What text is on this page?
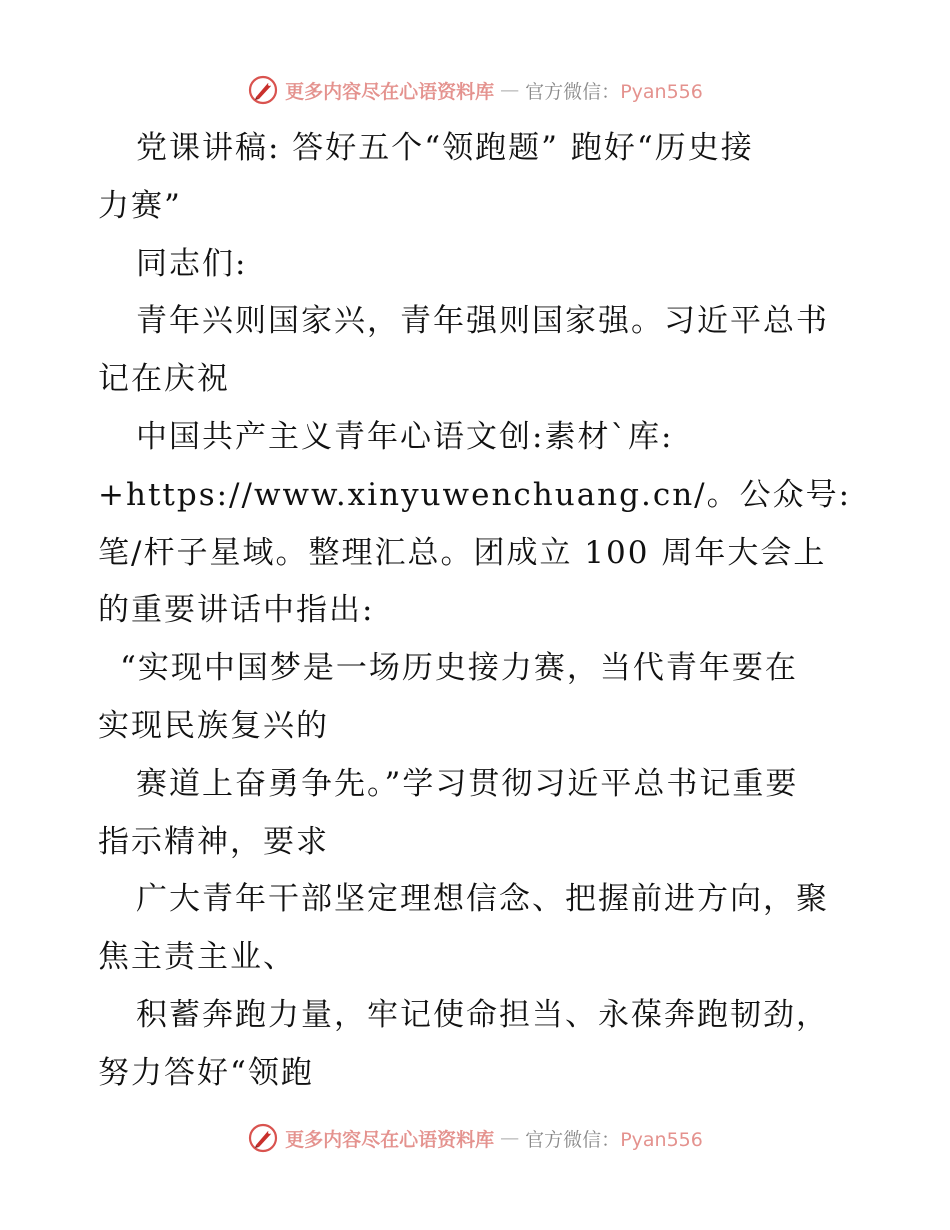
更多内容尽在心语资料库 — 官方微信：Pyan556
党课讲稿: 答好五个“领跑题” 跑好“历史接
力赛”
同志们:
青年兴则国家兴，青年强则国家强。习近平总书
记在庆祝
中国共产主义青年心语文创:素材`库:
+https://www.xinyuwenchuang.cn/。公众号:
笔/杆子星域。整理汇总。团成立 100 周年大会上
的重要讲话中指出:
“实现中国梦是一场历史接力赛，当代青年要在
实现民族复兴的
赛道上奋勇争先。”学习贯彻习近平总书记重要
指示精神，要求
广大青年干部坚定理想信念、把握前进方向，聚
焦主责主业、
积蓄奔跑力量，牢记使命担当、永葆奔跑韧劲，
努力答好“领跑
更多内容尽在心语资料库 — 官方微信：Pyan556
